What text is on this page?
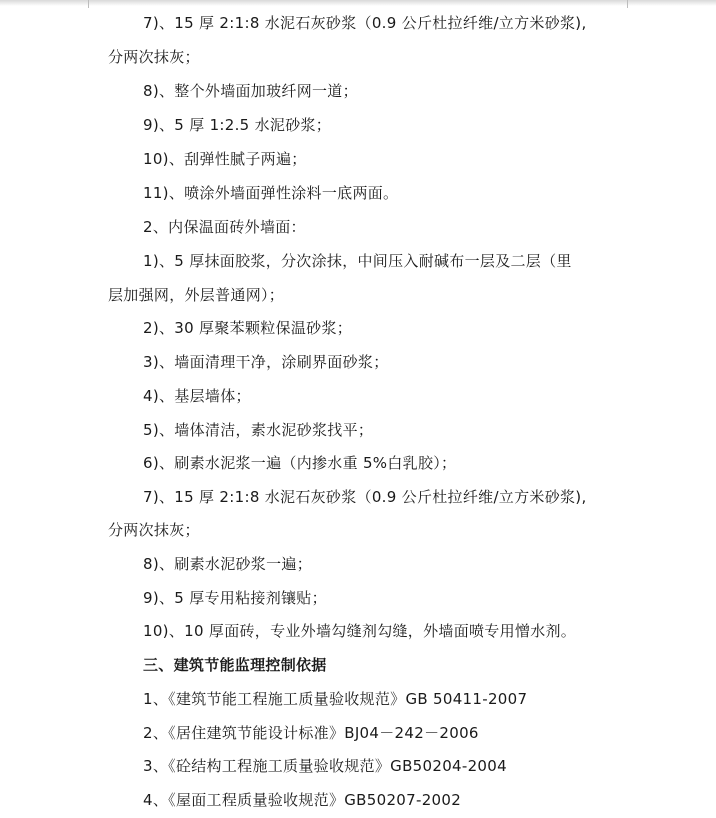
7)、15 厚 2:1:8 水泥石灰砂浆（0.9 公斤杜拉纤维/立方米砂浆),
分两次抹灰；
8)、整个外墙面加玻纤网一道；
9)、5 厚 1:2.5 水泥砂浆；
10)、刮弹性腻子两遍；
11)、喷涂外墙面弹性涂料一底两面。
2、内保温面砖外墙面：
1)、5 厚抹面胶浆，分次涂抹，中间压入耐碱布一层及二层（里
层加强网，外层普通网）；
2)、30 厚聚苯颗粒保温砂浆；
3)、墙面清理干净，涂刷界面砂浆；
4)、基层墙体；
5)、墙体清洁，素水泥砂浆找平；
6)、刷素水泥浆一遍（内掺水重 5%白乳胶）；
7)、15 厚 2:1:8 水泥石灰砂浆（0.9 公斤杜拉纤维/立方米砂浆),
分两次抹灰；
8)、刷素水泥砂浆一遍；
9)、5 厚专用粘接剂镶贴；
10)、10 厚面砖，专业外墙勾缝剂勾缝，外墙面喷专用憎水剂。
三、建筑节能监理控制依据
1、《建筑节能工程施工质量验收规范》GB 50411-2007
2、《居住建筑节能设计标准》BJ04－242－2006
3、《砼结构工程施工质量验收规范》GB50204-2004
4、《屋面工程质量验收规范》GB50207-2002
